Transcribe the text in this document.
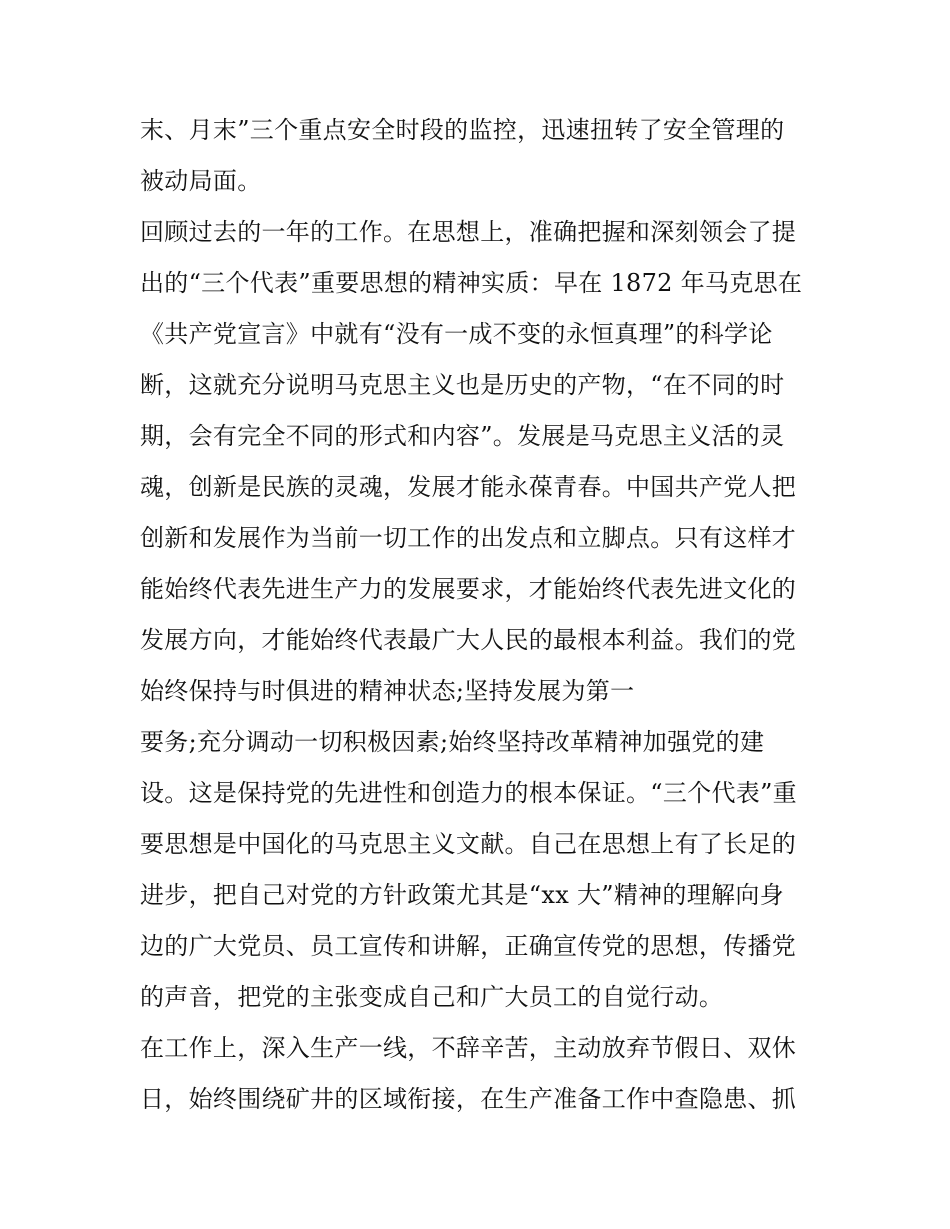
末、月末”三个重点安全时段的监控，迅速扭转了安全管理的
被动局面。
回顾过去的一年的工作。在思想上，准确把握和深刻领会了提
出的“三个代表”重要思想的精神实质：早在 1872 年马克思在
《共产党宣言》中就有“没有一成不变的永恒真理”的科学论
断，这就充分说明马克思主义也是历史的产物，“在不同的时
期，会有完全不同的形式和内容”。发展是马克思主义活的灵
魂，创新是民族的灵魂，发展才能永葆青春。中国共产党人把
创新和发展作为当前一切工作的出发点和立脚点。只有这样才
能始终代表先进生产力的发展要求，才能始终代表先进文化的
发展方向，才能始终代表最广大人民的最根本利益。我们的党
始终保持与时俱进的精神状态;坚持发展为第一
要务;充分调动一切积极因素;始终坚持改革精神加强党的建
设。这是保持党的先进性和创造力的根本保证。“三个代表”重
要思想是中国化的马克思主义文献。自己在思想上有了长足的
进步，把自己对党的方针政策尤其是“xx 大”精神的理解向身
边的广大党员、员工宣传和讲解，正确宣传党的思想，传播党
的声音，把党的主张变成自己和广大员工的自觉行动。
在工作上，深入生产一线，不辞辛苦，主动放弃节假日、双休
日，始终围绕矿井的区域衔接，在生产准备工作中查隐患、抓
